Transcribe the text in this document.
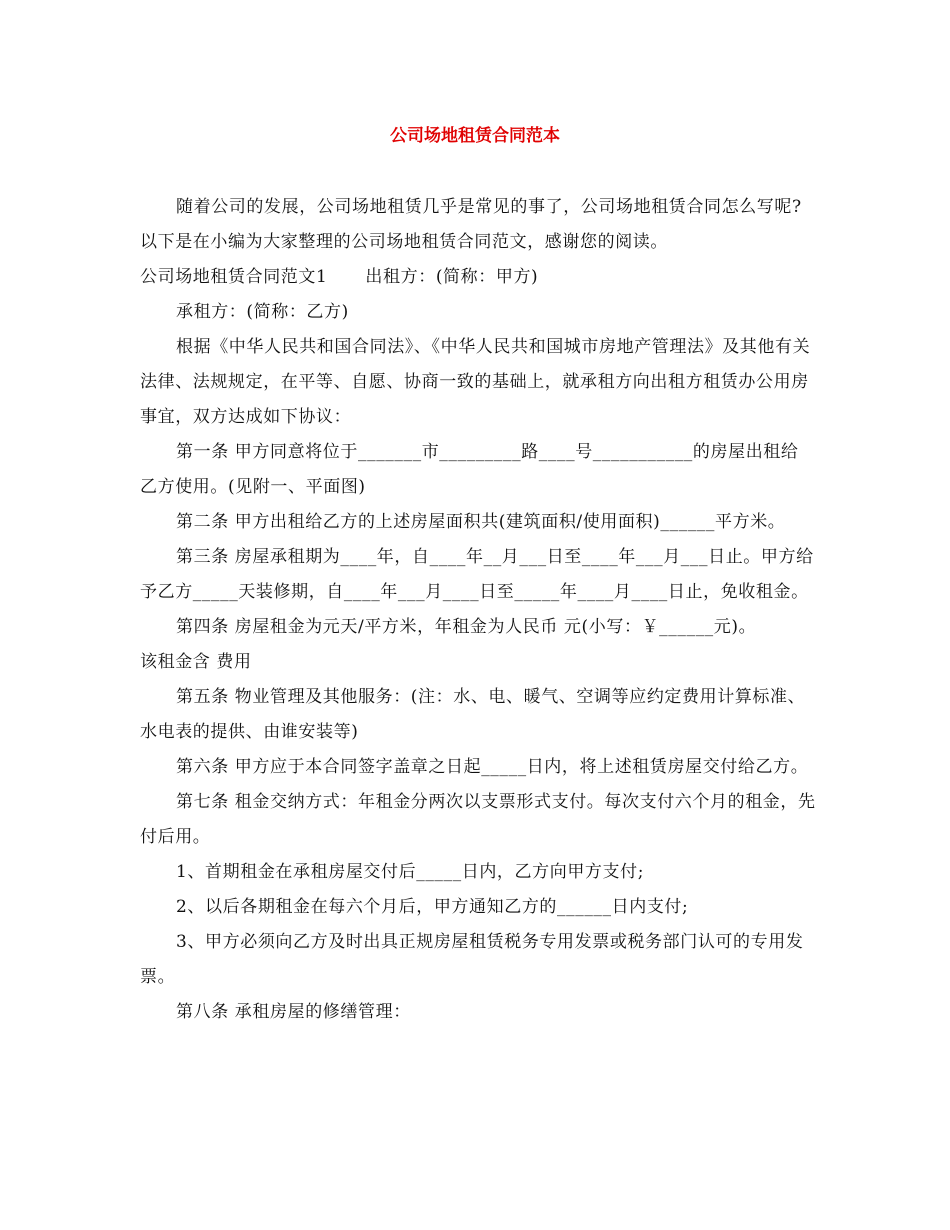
公司场地租赁合同范本

随着公司的发展，公司场地租赁几乎是常见的事了，公司场地租赁合同怎么写呢?以下是在小编为大家整理的公司场地租赁合同范文，感谢您的阅读。

公司场地租赁合同范文1 出租方：(简称：甲方)

承租方：(简称：乙方)

根据《中华人民共和国合同法》、《中华人民共和国城市房地产管理法》及其他有关法律、法规规定，在平等、自愿、协商一致的基础上，就承租方向出租方租赁办公用房事宜，双方达成如下协议：

第一条 甲方同意将位于_______市_________路____号___________的房屋出租给乙方使用。(见附一、平面图)

第二条 甲方出租给乙方的上述房屋面积共(建筑面积/使用面积)______平方米。

第三条 房屋承租期为____年，自____年__月___日至____年___月___日止。甲方给予乙方_____天装修期，自____年___月____日至_____年____月____日止，免收租金。

第四条 房屋租金为元天/平方米，年租金为人民币 元(小写：￥______元)。

该租金含 费用

第五条 物业管理及其他服务：(注：水、电、暖气、空调等应约定费用计算标准、水电表的提供、由谁安装等)

第六条 甲方应于本合同签字盖章之日起_____日内，将上述租赁房屋交付给乙方。

第七条 租金交纳方式：年租金分两次以支票形式支付。每次支付六个月的租金，先付后用。

1、首期租金在承租房屋交付后_____日内，乙方向甲方支付;

2、以后各期租金在每六个月后，甲方通知乙方的______日内支付;

3、甲方必须向乙方及时出具正规房屋租赁税务专用发票或税务部门认可的专用发票。

第八条 承租房屋的修缮管理：
